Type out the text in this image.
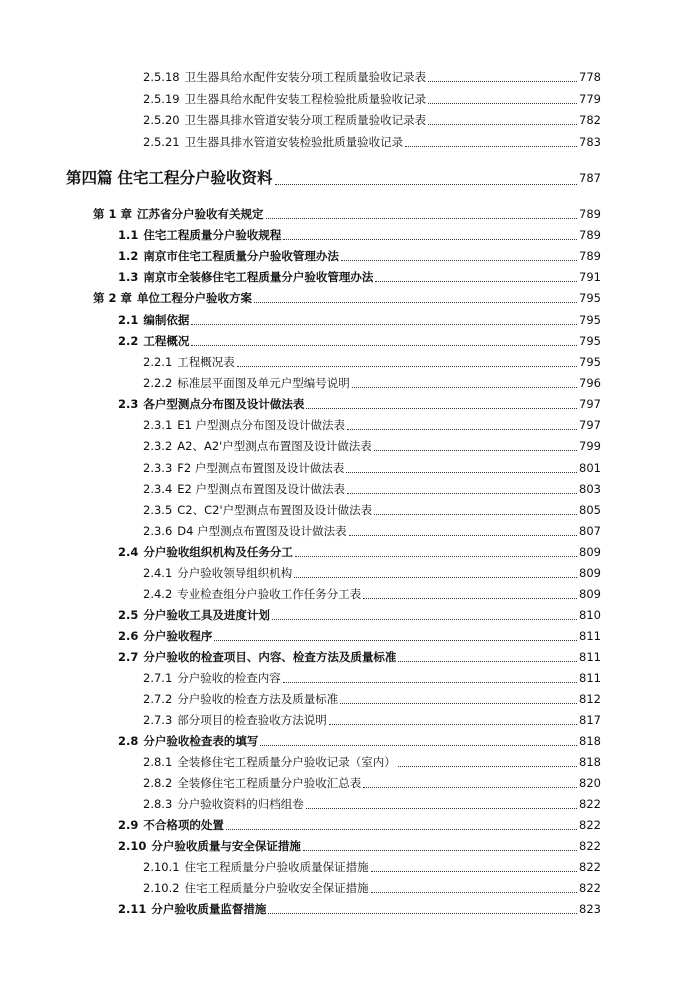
2.5.18 卫生器具给水配件安装分项工程质量验收记录表	778
2.5.19 卫生器具给水配件安装工程检验批质量验收记录	779
2.5.20 卫生器具排水管道安装分项工程质量验收记录表	782
2.5.21 卫生器具排水管道安装检验批质量验收记录	783
第四篇 住宅工程分户验收资料	787
第 1 章 江苏省分户验收有关规定	789
1.1 住宅工程质量分户验收规程	789
1.2 南京市住宅工程质量分户验收管理办法	789
1.3 南京市全装修住宅工程质量分户验收管理办法	791
第 2 章 单位工程分户验收方案	795
2.1 编制依据	795
2.2 工程概况	795
2.2.1 工程概况表	795
2.2.2 标准层平面图及单元户型编号说明	796
2.3 各户型测点分布图及设计做法表	797
2.3.1 E1 户型测点分布图及设计做法表	797
2.3.2 A2、A2'户型测点布置图及设计做法表	799
2.3.3 F2 户型测点布置图及设计做法表	801
2.3.4 E2 户型测点布置图及设计做法表	803
2.3.5 C2、C2'户型测点布置图及设计做法表	805
2.3.6 D4 户型测点布置图及设计做法表	807
2.4 分户验收组织机构及任务分工	809
2.4.1 分户验收领导组织机构	809
2.4.2 专业检查组分户验收工作任务分工表	809
2.5 分户验收工具及进度计划	810
2.6 分户验收程序	811
2.7 分户验收的检查项目、内容、检查方法及质量标准	811
2.7.1 分户验收的检查内容	811
2.7.2 分户验收的检查方法及质量标准	812
2.7.3 部分项目的检查验收方法说明	817
2.8 分户验收检查表的填写	818
2.8.1 全装修住宅工程质量分户验收记录（室内）	818
2.8.2 全装修住宅工程质量分户验收汇总表	820
2.8.3 分户验收资料的归档组卷	822
2.9 不合格项的处置	822
2.10 分户验收质量与安全保证措施	822
2.10.1 住宅工程质量分户验收质量保证措施	822
2.10.2 住宅工程质量分户验收安全保证措施	822
2.11 分户验收质量监督措施	823
